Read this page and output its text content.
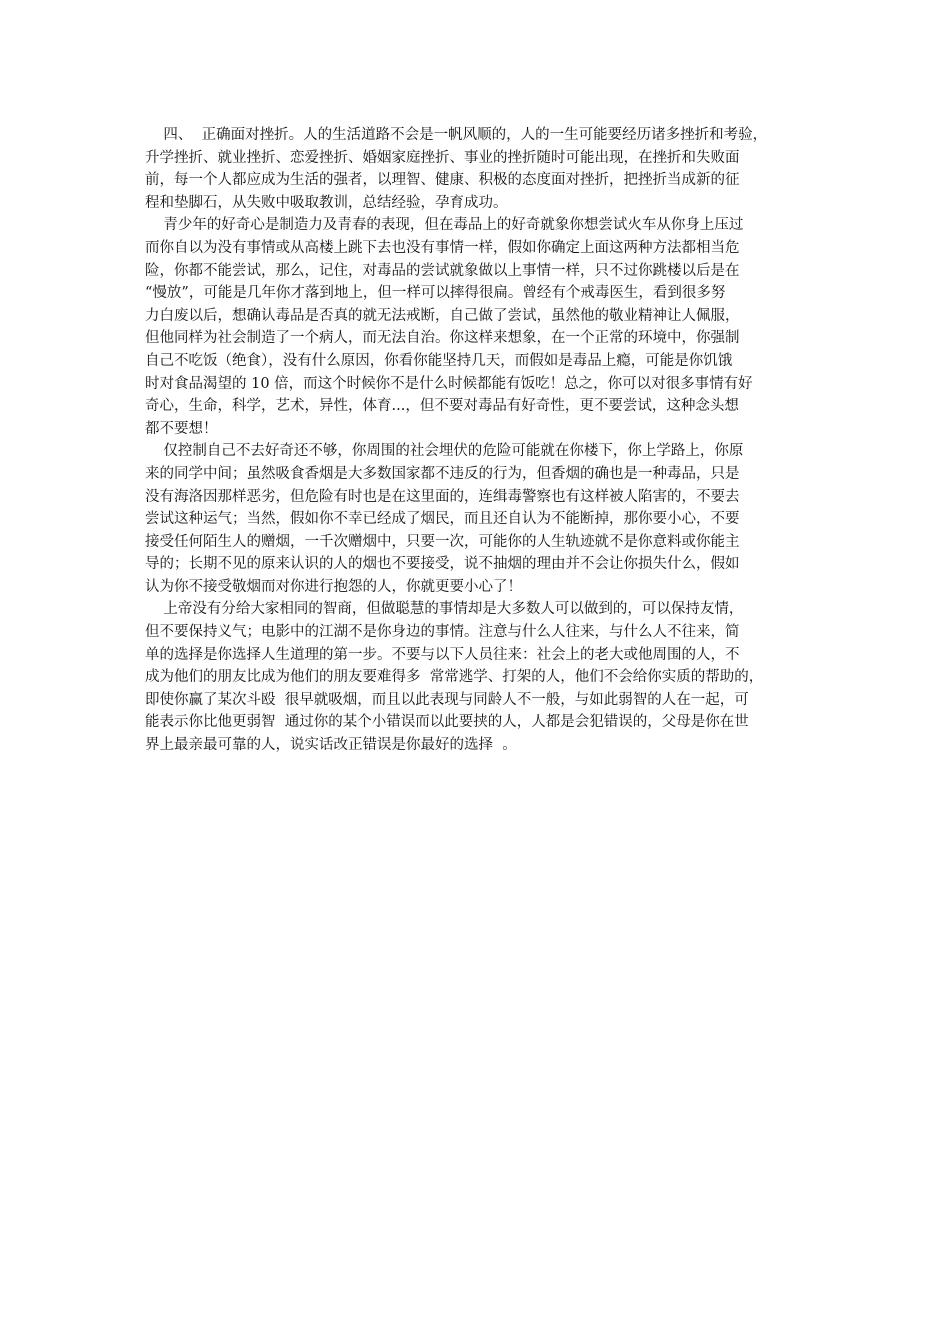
四、  正确面对挫折。人的生活道路不会是一帆风顺的，人的一生可能要经历诸多挫折和考验，
升学挫折、就业挫折、恋爱挫折、婚姻家庭挫折、事业的挫折随时可能出现，在挫折和失败面
前，每一个人都应成为生活的强者，以理智、健康、积极的态度面对挫折，把挫折当成新的征
程和垫脚石，从失败中吸取教训，总结经验，孕育成功。
青少年的好奇心是制造力及青春的表现，但在毒品上的好奇就象你想尝试火车从你身上压过
而你自以为没有事情或从高楼上跳下去也没有事情一样，假如你确定上面这两种方法都相当危
险，你都不能尝试，那么，记住，对毒品的尝试就象做以上事情一样，只不过你跳楼以后是在
“慢放”，可能是几年你才落到地上，但一样可以摔得很扁。曾经有个戒毒医生，看到很多努
力白废以后，想确认毒品是否真的就无法戒断，自己做了尝试，虽然他的敬业精神让人佩服，
但他同样为社会制造了一个病人，而无法自治。你这样来想象，在一个正常的环境中，你强制
自己不吃饭（绝食），没有什么原因，你看你能坚持几天，而假如是毒品上瘾，可能是你饥饿
时对食品渴望的 10 倍，而这个时候你不是什么时候都能有饭吃！总之，你可以对很多事情有好
奇心，生命，科学，艺术，异性，体育...，但不要对毒品有好奇性，更不要尝试，这种念头想
都不要想！
仅控制自己不去好奇还不够，你周围的社会埋伏的危险可能就在你楼下，你上学路上，你原
来的同学中间；虽然吸食香烟是大多数国家都不违反的行为，但香烟的确也是一种毒品，只是
没有海洛因那样恶劣，但危险有时也是在这里面的，连缉毒警察也有这样被人陷害的，不要去
尝试这种运气；当然，假如你不幸已经成了烟民，而且还自认为不能断掉，那你要小心，不要
接受任何陌生人的赠烟，一千次赠烟中，只要一次，可能你的人生轨迹就不是你意料或你能主
导的；长期不见的原来认识的人的烟也不要接受，说不抽烟的理由并不会让你损失什么，假如
认为你不接受敬烟而对你进行抱怨的人，你就更要小心了！
上帝没有分给大家相同的智商，但做聪慧的事情却是大多数人可以做到的，可以保持友情，
但不要保持义气；电影中的江湖不是你身边的事情。注意与什么人往来，与什么人不往来，简
单的选择是你选择人生道理的第一步。不要与以下人员往来：社会上的老大或他周围的人，不
成为他们的朋友比成为他们的朋友要难得多  常常逃学、打架的人，他们不会给你实质的帮助的，
即使你赢了某次斗殴  很早就吸烟，而且以此表现与同龄人不一般，与如此弱智的人在一起，可
能表示你比他更弱智  通过你的某个小错误而以此要挟的人，人都是会犯错误的，父母是你在世
界上最亲最可靠的人，说实话改正错误是你最好的选择  。
